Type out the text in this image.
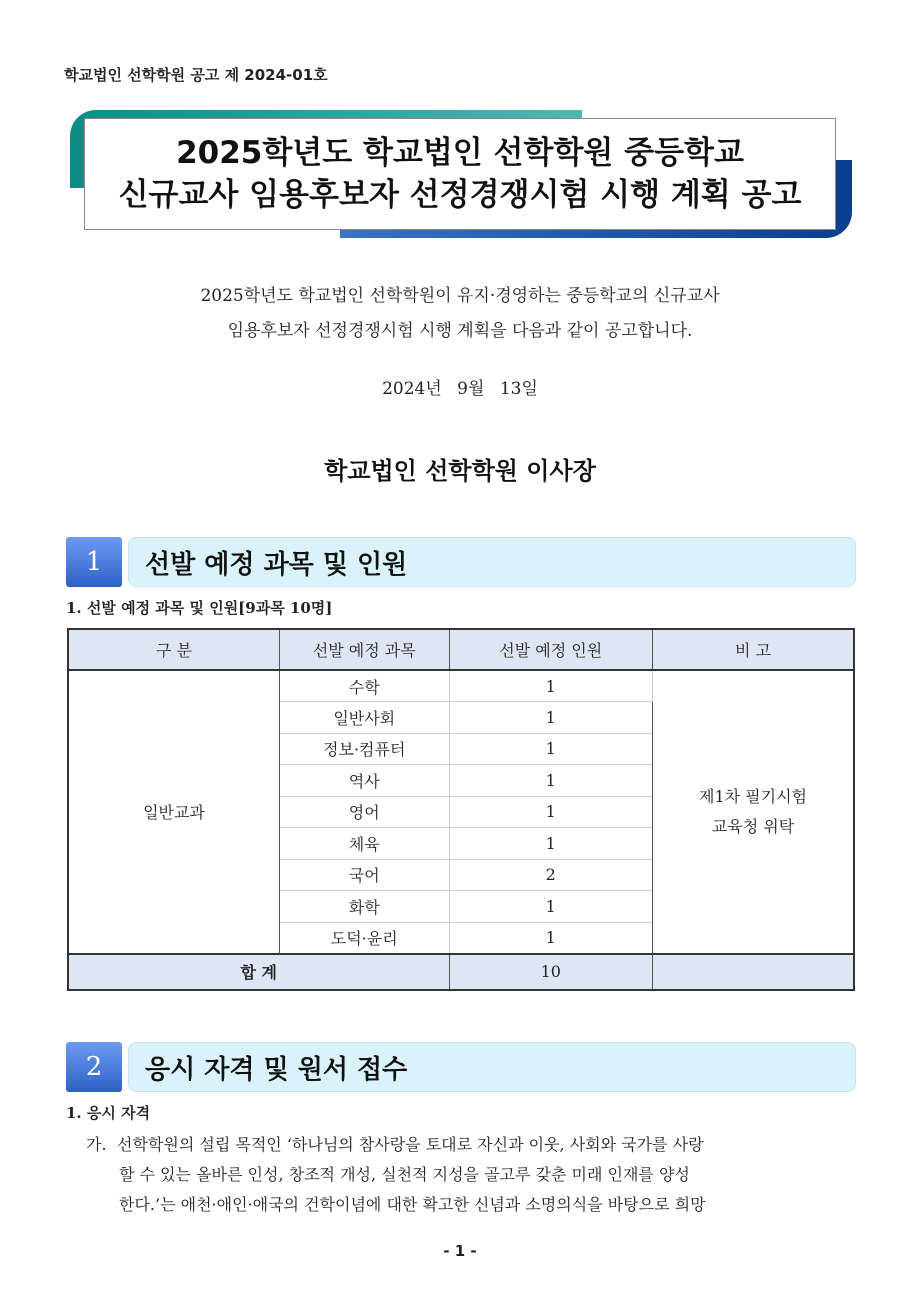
학교법인 선학학원 공고 제 2024-01호
2025학년도 학교법인 선학학원 중등학교
신규교사 임용후보자 선정경쟁시험 시행 계획 공고
2025학년도 학교법인 선학학원이 유지·경영하는 중등학교의 신규교사
임용후보자 선정경쟁시험 시행 계획을 다음과 같이 공고합니다.
2024년 9월 13일
학교법인 선학학원 이사장
1	선발 예정 과목 및 인원
1. 선발 예정 과목 및 인원[9과목 10명]
구 분	선발 예정 과목	선발 예정 인원	비 고
일반교과	수학	1	제1차 필기시험
교육청 위탁

	일반사회	1	
	정보·컴퓨터	1	
	역사	1	
	영어	1	
	체육	1	
	국어	2	
	화학	1	
	도덕·윤리	1	
합 계		10	
2	응시 자격 및 원서 접수
1. 응시 자격
가. 선학학원의 설립 목적인 ‘하나님의 참사랑을 토대로 자신과 이웃, 사회와 국가를 사랑
할 수 있는 올바른 인성, 창조적 개성, 실천적 지성을 골고루 갖춘 미래 인재를 양성
한다.’는 애천·애인·애국의 건학이념에 대한 확고한 신념과 소명의식을 바탕으로 희망
- 1 -
